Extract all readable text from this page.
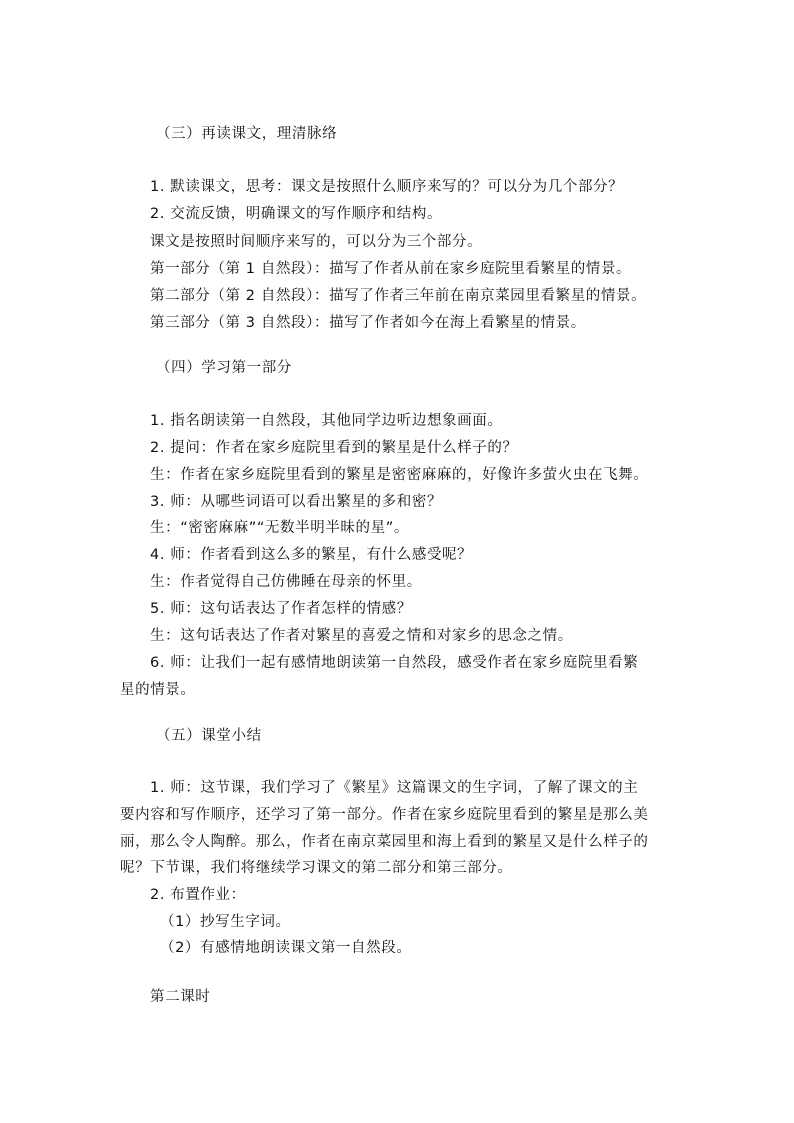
（三）再读课文，理清脉络
1. 默读课文，思考：课文是按照什么顺序来写的？可以分为几个部分？
2. 交流反馈，明确课文的写作顺序和结构。
课文是按照时间顺序来写的，可以分为三个部分。
第一部分（第 1 自然段）：描写了作者从前在家乡庭院里看繁星的情景。
第二部分（第 2 自然段）：描写了作者三年前在南京菜园里看繁星的情景。
第三部分（第 3 自然段）：描写了作者如今在海上看繁星的情景。
（四）学习第一部分
1. 指名朗读第一自然段，其他同学边听边想象画面。
2. 提问：作者在家乡庭院里看到的繁星是什么样子的？
生：作者在家乡庭院里看到的繁星是密密麻麻的，好像许多萤火虫在飞舞。
3. 师：从哪些词语可以看出繁星的多和密？
生：“密密麻麻”“无数半明半昧的星”。
4. 师：作者看到这么多的繁星，有什么感受呢？
生：作者觉得自己仿佛睡在母亲的怀里。
5. 师：这句话表达了作者怎样的情感？
生：这句话表达了作者对繁星的喜爱之情和对家乡的思念之情。
6. 师：让我们一起有感情地朗读第一自然段，感受作者在家乡庭院里看繁
星的情景。
（五）课堂小结
1. 师：这节课，我们学习了《繁星》这篇课文的生字词，了解了课文的主
要内容和写作顺序，还学习了第一部分。作者在家乡庭院里看到的繁星是那么美
丽，那么令人陶醉。那么，作者在南京菜园里和海上看到的繁星又是什么样子的
呢？下节课，我们将继续学习课文的第二部分和第三部分。
2. 布置作业：
（1）抄写生字词。
（2）有感情地朗读课文第一自然段。
第二课时
